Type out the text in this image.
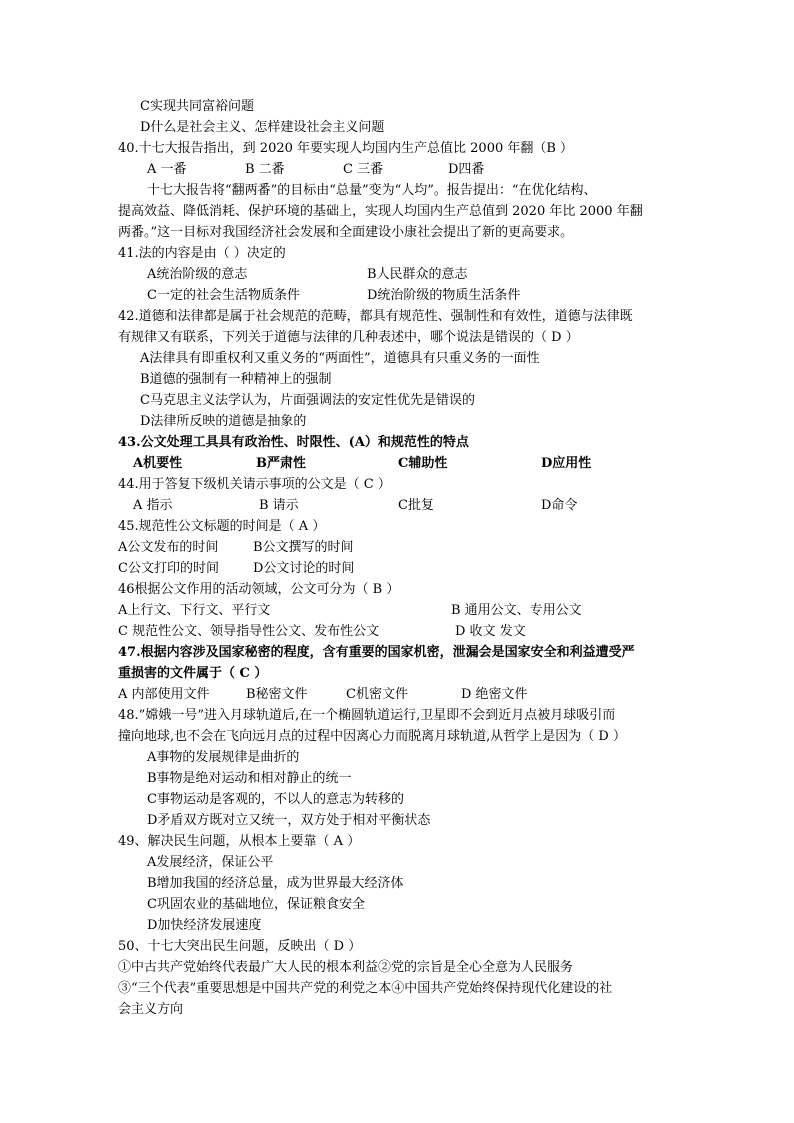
C实现共同富裕问题
D什么是社会主义、怎样建设社会主义问题
40.十七大报告指出，到 2020 年要实现人均国内生产总值比 2000 年翻（B ）
A 一番	B 二番	C 三番	D四番
十七大报告将“翻两番”的目标由“总量”变为“人均”。报告提出：“在优化结构、
提高效益、降低消耗、保护环境的基础上，实现人均国内生产总值到 2020 年比 2000 年翻
两番。”这一目标对我国经济社会发展和全面建设小康社会提出了新的更高要求。
41.法的内容是由（ ）决定的
A统治阶级的意志	B人民群众的意志
C一定的社会生活物质条件	D统治阶级的物质生活条件
42.道德和法律都是属于社会规范的范畴，都具有规范性、强制性和有效性，道德与法律既
有规律又有联系，下列关于道德与法律的几种表述中，哪个说法是错误的（ D ）
A法律具有即重权利又重义务的“两面性”，道德具有只重义务的一面性
B道德的强制有一种精神上的强制
C马克思主义法学认为，片面强调法的安定性优先是错误的
D法律所反映的道德是抽象的
43.公文处理工具具有政治性、时限性、(A）和规范性的特点
A机要性	B严肃性	C辅助性	D应用性
44.用于答复下级机关请示事项的公文是（ C ）
A 指示	B 请示	C批复	D命令
45.规范性公文标题的时间是（ A ）
A公文发布的时间	B公文撰写的时间
C公文打印的时间	D公文讨论的时间
46根据公文作用的活动领域，公文可分为（ B ）
A上行文、下行文、平行文	B 通用公文、专用公文
C 规范性公文、领导指导性公文、发布性公文	D 收文 发文
47.根据内容涉及国家秘密的程度，含有重要的国家机密，泄漏会是国家安全和利益遭受严
重损害的文件属于（ C ）
A 内部使用文件	B秘密文件	C机密文件	D 绝密文件
48.”嫦娥一号”进入月球轨道后,在一个椭圆轨道运行,卫星即不会到近月点被月球吸引而
撞向地球,也不会在飞向远月点的过程中因离心力而脱离月球轨道,从哲学上是因为（ D ）
A事物的发展规律是曲折的
B事物是绝对运动和相对静止的统一
C事物运动是客观的，不以人的意志为转移的
D矛盾双方既对立又统一，双方处于相对平衡状态
49、解决民生问题，从根本上要靠（ A ）
A发展经济，保证公平
B增加我国的经济总量，成为世界最大经济体
C巩固农业的基础地位，保证粮食安全
D加快经济发展速度
50、十七大突出民生问题，反映出（ D ）
①中古共产党始终代表最广大人民的根本利益②党的宗旨是全心全意为人民服务
③“三个代表”重要思想是中国共产党的利党之本④中国共产党始终保持现代化建设的社
会主义方向
